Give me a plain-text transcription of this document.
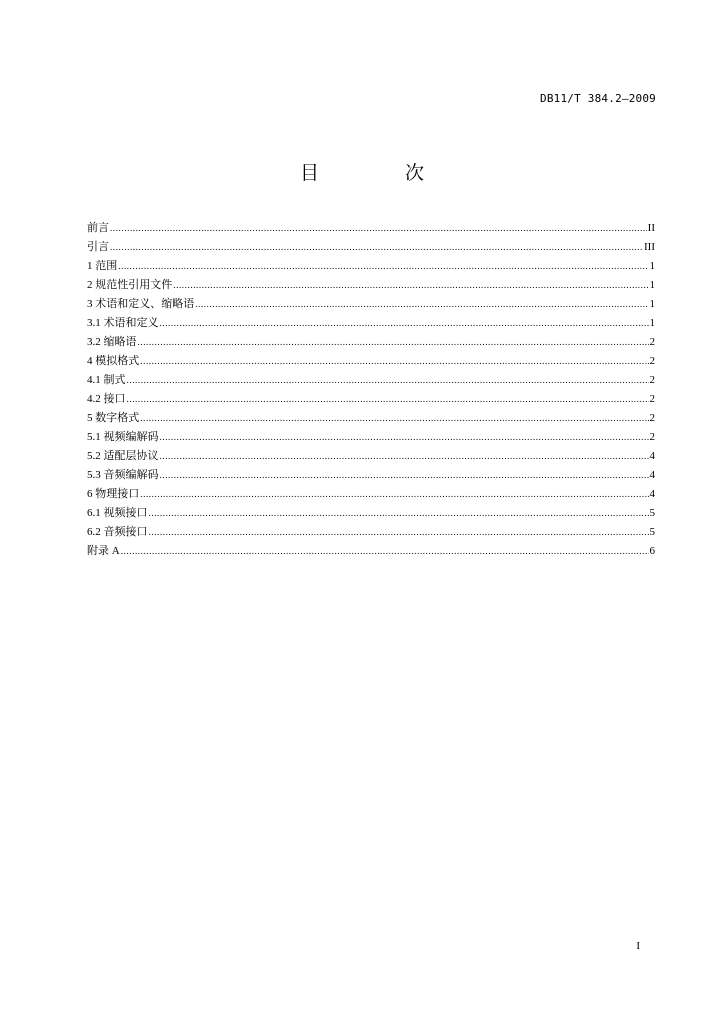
DB11/T 384.2—2009
目 次
前言 .....	II
引言 .....	III
1 范围 .....	1
2 规范性引用文件 .....	1
3 术语和定义、缩略语 .....	1
3.1 术语和定义 .....	1
3.2 缩略语 .....	2
4 模拟格式 .....	2
4.1 制式 .....	2
4.2 接口 .....	2
5 数字格式 .....	2
5.1 视频编解码 .....	2
5.2 适配层协议 .....	4
5.3 音频编解码 .....	4
6 物理接口 .....	4
6.1 视频接口 .....	5
6.2 音频接口 .....	5
附录 A .....	6
I
